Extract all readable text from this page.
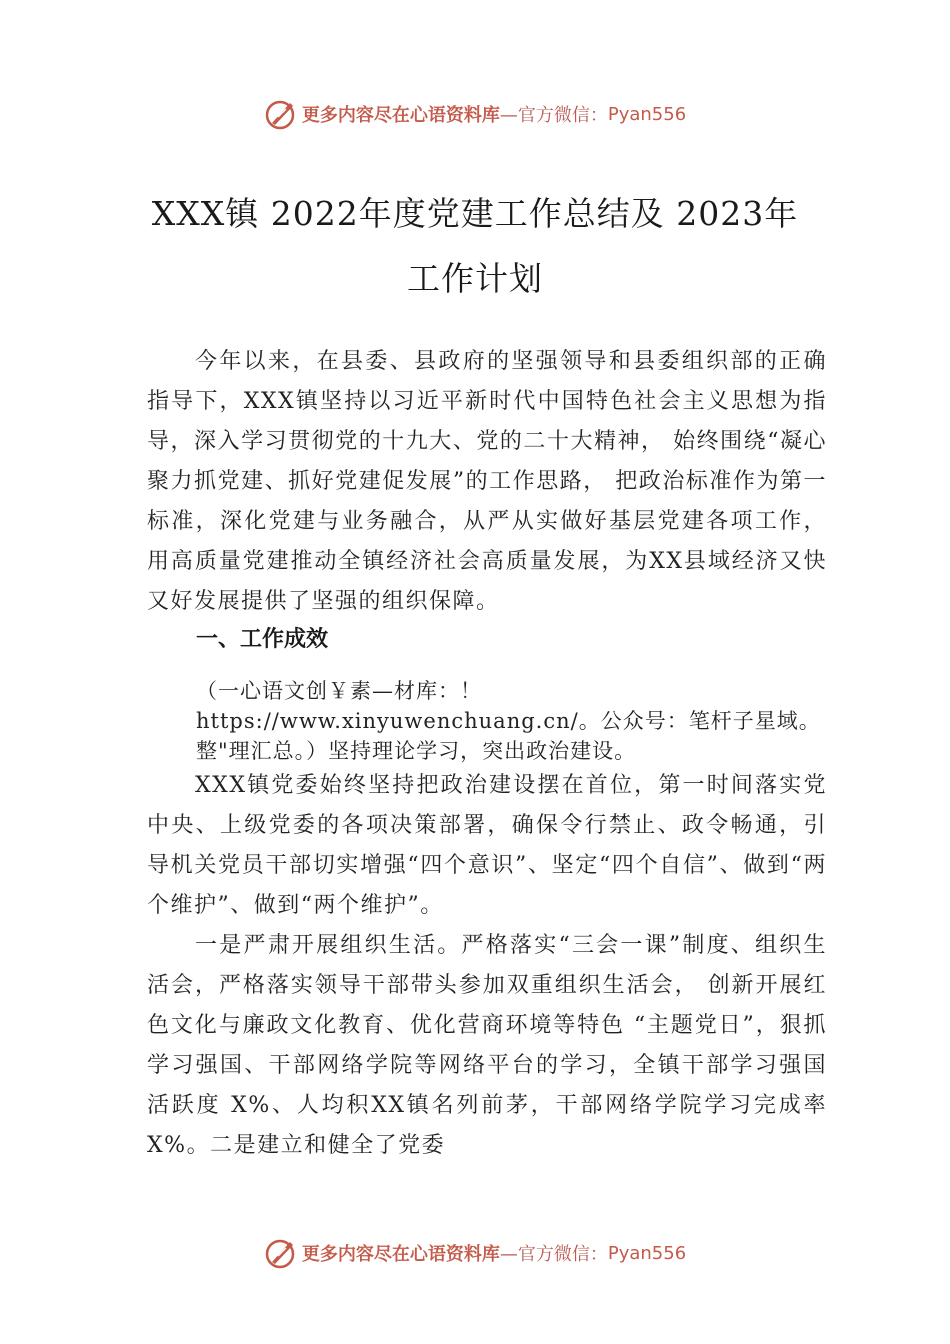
更多内容尽在心语资料库 —官方微信： Pyan556
XXX镇 2022年度党建工作总结及 2023年
工作计划
今年以来，在县委、县政府的坚强领导和县委组织部的正确指导下，XXX镇坚持以习近平新时代中国特色社会主义思想为指导，深入学习贯彻党的十九大、党的二十大精神， 始终围绕“凝心聚力抓党建、抓好党建促发展”的工作思路， 把政治标准作为第一标准，深化党建与业务融合，从严从实做好基层党建各项工作，用高质量党建推动全镇经济社会高质量发展，为XX县域经济又快又好发展提供了坚强的组织保障。
一、工作成效
（一心语文创￥素—材库：！https://www.xinyuwenchuang.cn/。公众号：笔杆子星域。整"理汇总。）坚持理论学习，突出政治建设。
XXX镇党委始终坚持把政治建设摆在首位，第一时间落实党中央、上级党委的各项决策部署，确保令行禁止、政令畅通，引导机关党员干部切实增强“四个意识”、坚定“四个自信”、做到“两个维护”、做到“两个维护”。
一是严肃开展组织生活。严格落实“三会一课”制度、组织生活会，严格落实领导干部带头参加双重组织生活会， 创新开展红色文化与廉政文化教育、优化营商环境等特色 “主题党日”，狠抓学习强国、干部网络学院等网络平台的学习，全镇干部学习强国活跃度 X%、人均积XX镇名列前茅，干部网络学院学习完成率 X%。二是建立和健全了党委
更多内容尽在心语资料库 —官方微信： Pyan556
